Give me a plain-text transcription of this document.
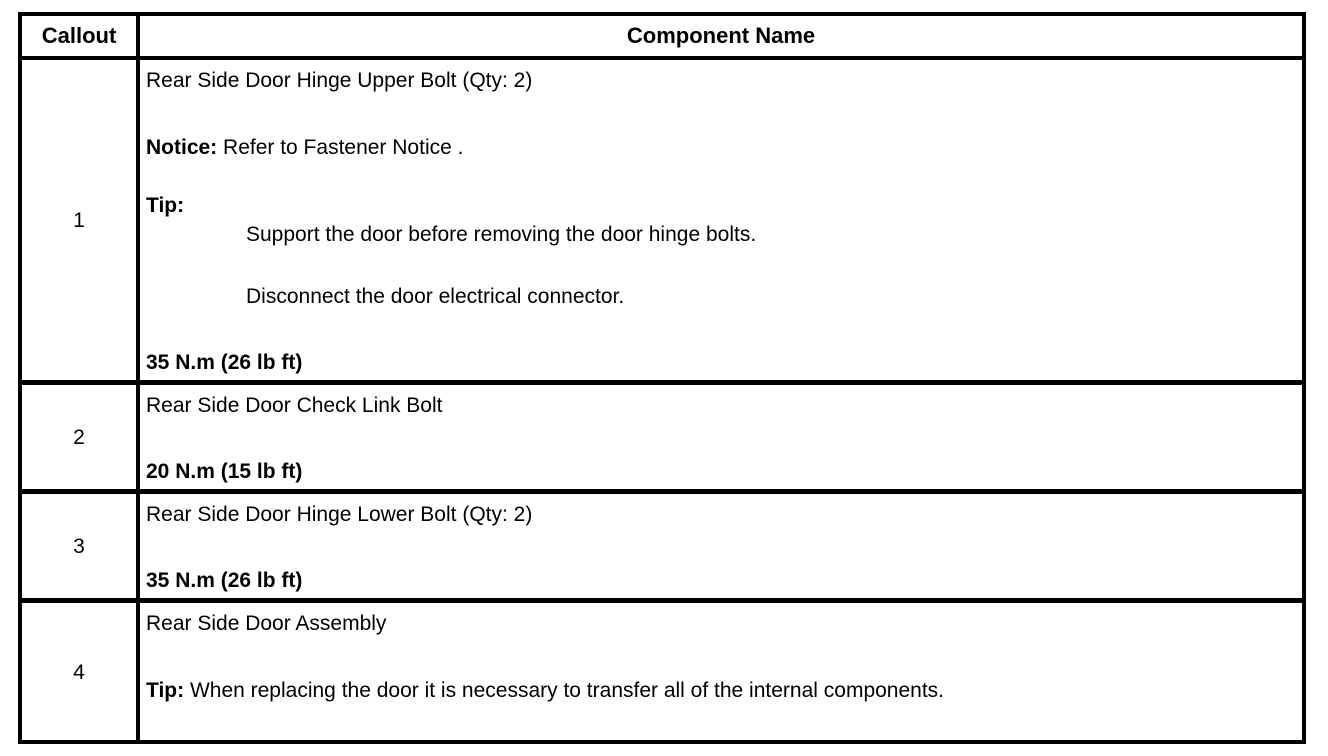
Callout	Component Name
1
Rear Side Door Hinge Upper Bolt (Qty: 2)
Notice: Refer to Fastener Notice .
Tip:
Support the door before removing the door hinge bolts.
Disconnect the door electrical connector.
35 N.m (26 lb ft)
2
Rear Side Door Check Link Bolt
20 N.m (15 lb ft)
3
Rear Side Door Hinge Lower Bolt (Qty: 2)
35 N.m (26 lb ft)
4
Rear Side Door Assembly
Tip: When replacing the door it is necessary to transfer all of the internal components.
